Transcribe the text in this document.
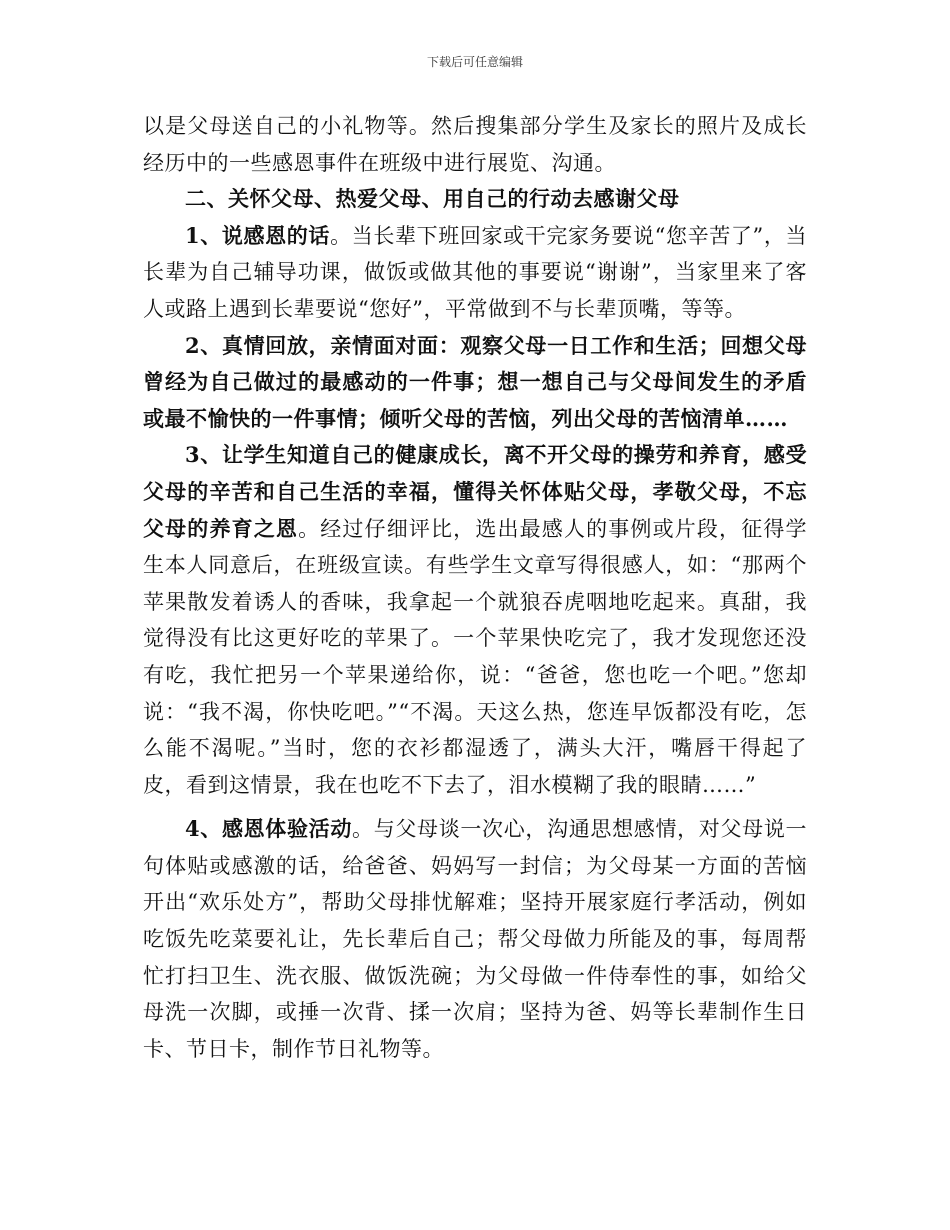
下载后可任意编辑

以是父母送自己的小礼物等。然后搜集部分学生及家长的照片及成长经历中的一些感恩事件在班级中进行展览、沟通。

二、关怀父母、热爱父母、用自己的行动去感谢父母

1、说感恩的话。当长辈下班回家或干完家务要说“您辛苦了”，当长辈为自己辅导功课，做饭或做其他的事要说“谢谢”，当家里来了客人或路上遇到长辈要说“您好”，平常做到不与长辈顶嘴，等等。

2、真情回放，亲情面对面：观察父母一日工作和生活；回想父母曾经为自己做过的最感动的一件事；想一想自己与父母间发生的矛盾或最不愉快的一件事情；倾听父母的苦恼，列出父母的苦恼清单……

3、让学生知道自己的健康成长，离不开父母的操劳和养育，感受父母的辛苦和自己生活的幸福，懂得关怀体贴父母，孝敬父母，不忘父母的养育之恩。经过仔细评比，选出最感人的事例或片段，征得学生本人同意后，在班级宣读。有些学生文章写得很感人，如：“那两个苹果散发着诱人的香味，我拿起一个就狼吞虎咽地吃起来。真甜，我觉得没有比这更好吃的苹果了。一个苹果快吃完了，我才发现您还没有吃，我忙把另一个苹果递给你，说：“爸爸，您也吃一个吧。”您却说：“我不渴，你快吃吧。”“不渴。天这么热，您连早饭都没有吃，怎么能不渴呢。”当时，您的衣衫都湿透了，满头大汗，嘴唇干得起了皮，看到这情景，我在也吃不下去了，泪水模糊了我的眼睛……”

4、感恩体验活动。与父母谈一次心，沟通思想感情，对父母说一句体贴或感激的话，给爸爸、妈妈写一封信；为父母某一方面的苦恼开出“欢乐处方”，帮助父母排忧解难；坚持开展家庭行孝活动，例如吃饭先吃菜要礼让，先长辈后自己；帮父母做力所能及的事，每周帮忙打扫卫生、洗衣服、做饭洗碗；为父母做一件侍奉性的事，如给父母洗一次脚，或捶一次背、揉一次肩；坚持为爸、妈等长辈制作生日卡、节日卡，制作节日礼物等。
